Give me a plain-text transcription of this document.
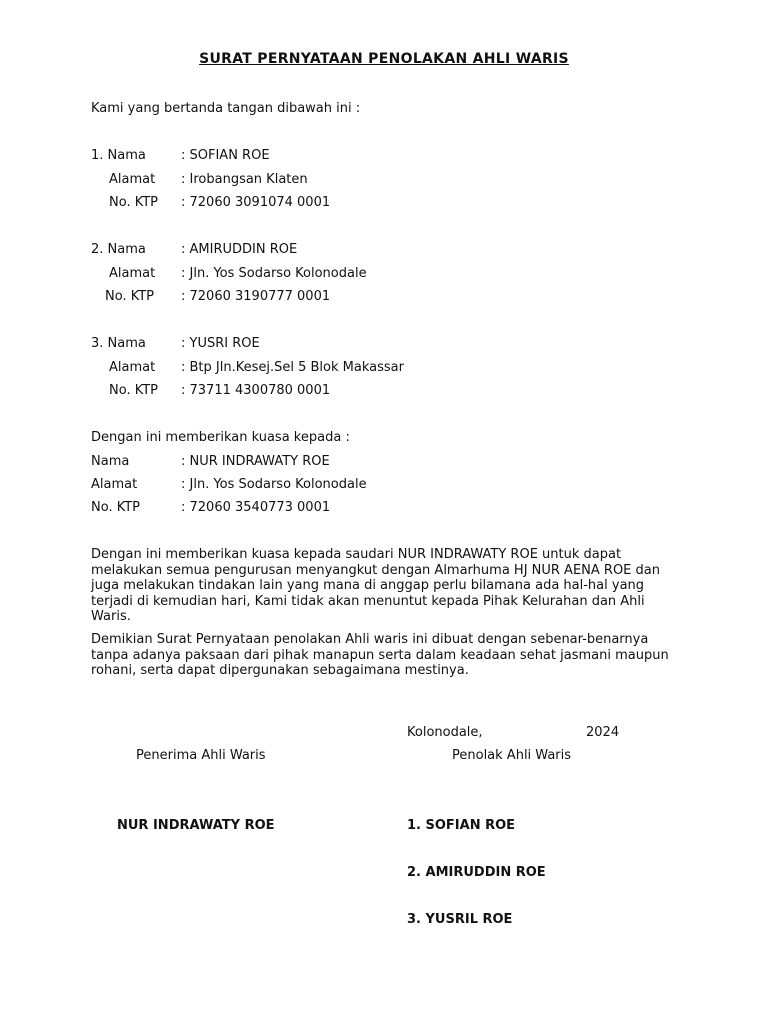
SURAT PERNYATAAN PENOLAKAN AHLI WARIS
Kami yang bertanda tangan dibawah ini :
1. Nama	: SOFIAN ROE
Alamat : Irobangsan Klaten
No. KTP : 72060 3091074 0001
2. Nama	: AMIRUDDIN ROE
Alamat : Jln. Yos Sodarso Kolonodale
No. KTP : 72060 3190777 0001
3. Nama	: YUSRI ROE
Alamat : Btp Jln.Kesej.Sel 5 Blok Makassar
No. KTP : 73711 4300780 0001
Dengan ini memberikan kuasa kepada :
Nama	: NUR INDRAWATY ROE
Alamat	: Jln. Yos Sodarso Kolonodale
No. KTP	: 72060 3540773 0001
Dengan ini memberikan kuasa kepada saudari NUR INDRAWATY ROE untuk dapat melakukan semua pengurusan menyangkut dengan Almarhuma HJ NUR AENA ROE dan juga melakukan tindakan lain yang mana di anggap perlu bilamana ada hal-hal yang terjadi di kemudian hari, Kami tidak akan menuntut kepada Pihak Kelurahan dan Ahli Waris.
Demikian Surat Pernyataan penolakan Ahli waris ini dibuat dengan sebenar-benarnya tanpa adanya paksaan dari pihak manapun serta dalam keadaan sehat jasmani maupun rohani, serta dapat dipergunakan sebagaimana mestinya.
Kolonodale,	2024
Penerima Ahli Waris	Penolak Ahli Waris
NUR INDRAWATY ROE	1. SOFIAN ROE
2. AMIRUDDIN ROE
3. YUSRIL ROE
